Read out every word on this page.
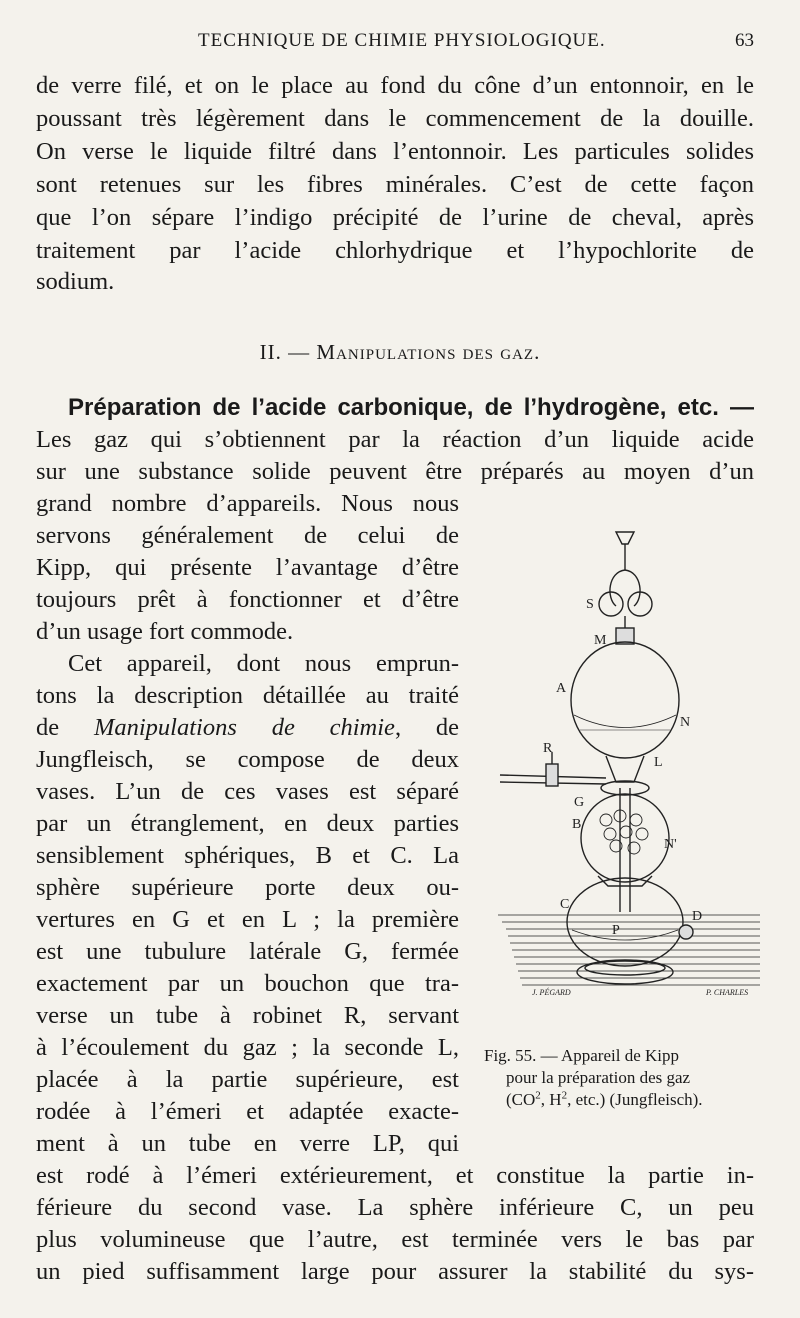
TECHNIQUE DE CHIMIE PHYSIOLOGIQUE.	63
de verre filé, et on le place au fond du cône d’un entonnoir, en le
poussant très légèrement dans le commencement de la douille.
On verse le liquide filtré dans l’entonnoir. Les particules solides
sont retenues sur les fibres minérales. C’est de cette façon
que l’on sépare l’indigo précipité de l’urine de cheval, après
traitement par l’acide chlorhydrique et l’hypochlorite de
sodium.
II. — Manipulations des gaz.
Préparation de l’acide carbonique, de l’hydrogène, etc. —
Les gaz qui s’obtiennent par la réaction d’un liquide acide
sur une substance solide peuvent être préparés au moyen d’un
grand nombre d’appareils. Nous nous
servons généralement de celui de
Kipp, qui présente l’avantage d’être
toujours prêt à fonctionner et d’être
d’un usage fort commode.
Cet appareil, dont nous emprun-
tons la description détaillée au traité
de Manipulations de chimie, de
Jungfleisch, se compose de deux
vases. L’un de ces vases est séparé
par un étranglement, en deux parties
sensiblement sphériques, B et C. La
sphère supérieure porte deux ou-
vertures en G et en L ; la première
est une tubulure latérale G, fermée
exactement par un bouchon que tra-
verse un tube à robinet R, servant
à l’écoulement du gaz ; la seconde L,
placée à la partie supérieure, est
rodée à l’émeri et adaptée exacte-
ment à un tube en verre LP, qui
est rodé à l’émeri extérieurement, et constitue la partie in-
férieure du second vase. La sphère inférieure C, un peu
plus volumineuse que l’autre, est terminée vers le bas par
un pied suffisamment large pour assurer la stabilité du sys-
S
M
A
N
R
L
G
B
N'
C
D
P
J. PÉGARD	P. CHARLES
Fig. 55. — Appareil de Kipp
pour la préparation des gaz
($CO^2$, $H^2$, etc.) (Jungfleisch).
